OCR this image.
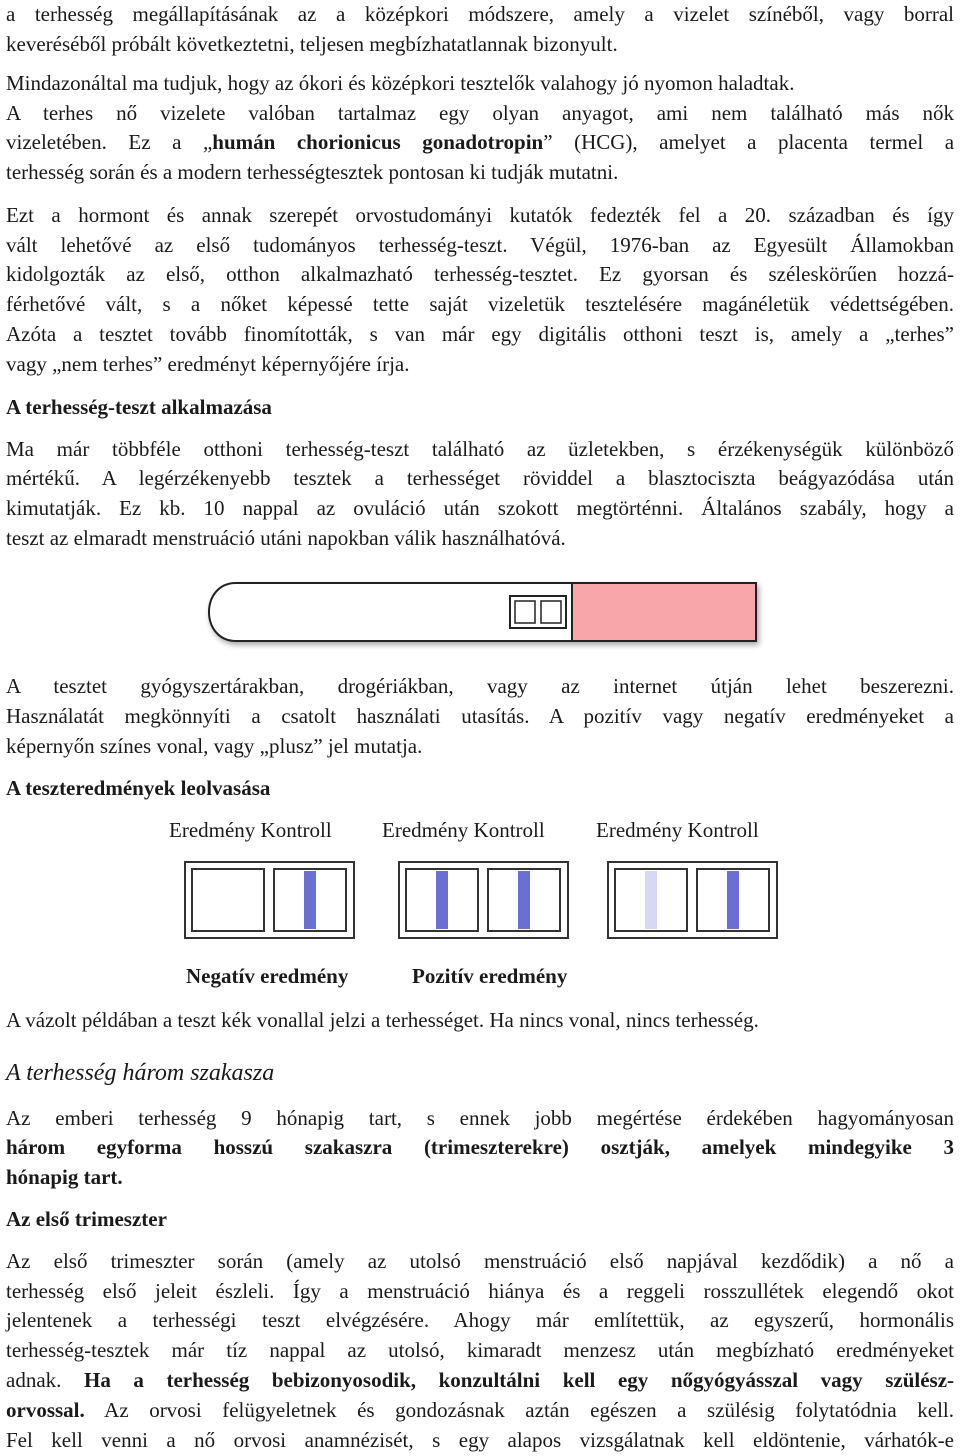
a terhesség megállapításának az a középkori módszere, amely a vizelet színéből, vagy borral
keveréséből próbált következtetni, teljesen megbízhatatlannak bizonyult.
Mindazonáltal ma tudjuk, hogy az ókori és középkori tesztelők valahogy jó nyomon haladtak.
A terhes nő vizelete valóban tartalmaz egy olyan anyagot, ami nem található más nők
vizeletében. Ez a „humán chorionicus gonadotropin” (HCG), amelyet a placenta termel a
terhesség során és a modern terhességtesztek pontosan ki tudják mutatni.
Ezt a hormont és annak szerepét orvostudományi kutatók fedezték fel a 20. században és így
vált lehetővé az első tudományos terhesség-teszt. Végül, 1976-ban az Egyesült Államokban
kidolgozták az első, otthon alkalmazható terhesség-tesztet. Ez gyorsan és széleskörűen hozzá-
férhetővé vált, s a nőket képessé tette saját vizeletük tesztelésére magánéletük védettségében.
Azóta a tesztet tovább finomították, s van már egy digitális otthoni teszt is, amely a „terhes”
vagy „nem terhes” eredményt képernyőjére írja.
A terhesség-teszt alkalmazása
Ma már többféle otthoni terhesség-teszt található az üzletekben, s érzékenységük különböző
mértékű. A legérzékenyebb tesztek a terhességet röviddel a blasztociszta beágyazódása után
kimutatják. Ez kb. 10 nappal az ovuláció után szokott megtörténni. Általános szabály, hogy a
teszt az elmaradt menstruáció utáni napokban válik használhatóvá.
A tesztet gyógyszertárakban, drogériákban, vagy az internet útján lehet beszerezni.
Használatát megkönnyíti a csatolt használati utasítás. A pozitív vagy negatív eredményeket a
képernyőn színes vonal, vagy „plusz” jel mutatja.
A teszteredmények leolvasása
Eredmény Kontroll Eredmény Kontroll Eredmény Kontroll
Negatív eredmény	Pozitív eredmény
A vázolt példában a teszt kék vonallal jelzi a terhességet. Ha nincs vonal, nincs terhesség.
A terhesség három szakasza
Az emberi terhesség 9 hónapig tart, s ennek jobb megértése érdekében hagyományosan
három egyforma hosszú szakaszra (trimeszterekre) osztják, amelyek mindegyike 3
hónapig tart.
Az első trimeszter
Az első trimeszter során (amely az utolsó menstruáció első napjával kezdődik) a nő a
terhesség első jeleit észleli. Így a menstruáció hiánya és a reggeli rosszullétek elegendő okot
jelentenek a terhességi teszt elvégzésére. Ahogy már említettük, az egyszerű, hormonális
terhesség-tesztek már tíz nappal az utolsó, kimaradt menzesz után megbízható eredményeket
adnak. Ha a terhesség bebizonyosodik, konzultálni kell egy nőgyógyásszal vagy szülész-
orvossal. Az orvosi felügyeletnek és gondozásnak aztán egészen a szülésig folytatódnia kell.
Fel kell venni a nő orvosi anamnézisét, s egy alapos vizsgálatnak kell eldöntenie, várhatók-e
